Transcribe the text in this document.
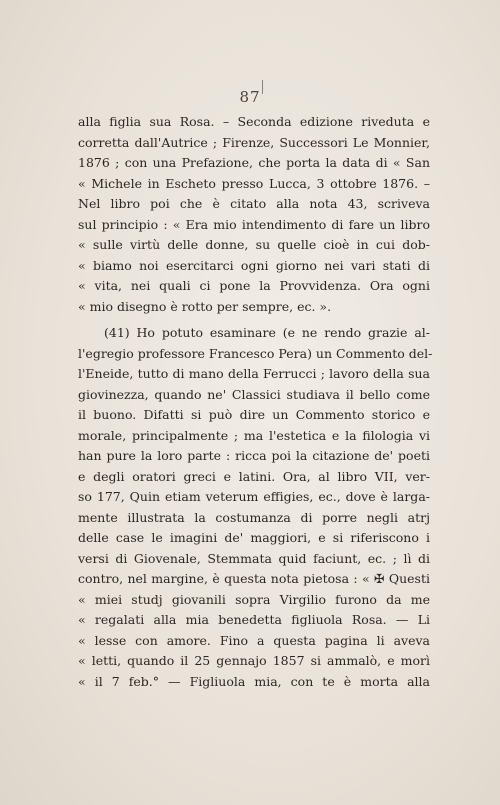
87
alla figlia sua Rosa. – Seconda edizione riveduta e
corretta dall'Autrice ; Firenze, Successori Le Monnier,
1876 ; con una Prefazione, che porta la data di « San
« Michele in Escheto presso Lucca, 3 ottobre 1876. –
Nel libro poi che è citato alla nota 43, scriveva
sul principio : « Era mio intendimento di fare un libro
« sulle virtù delle donne, su quelle cioè in cui dob-
« biamo noi esercitarci ogni giorno nei vari stati di
« vita, nei quali ci pone la Provvidenza. Ora ogni
« mio disegno è rotto per sempre, ec. ».
(41) Ho potuto esaminare (e ne rendo grazie al-
l'egregio professore Francesco Pera) un Commento del-
l'Eneide, tutto di mano della Ferrucci ; lavoro della sua
giovinezza, quando ne' Classici studiava il bello come
il buono. Difatti si può dire un Commento storico e
morale, principalmente ; ma l'estetica e la filologia vi
han pure la loro parte : ricca poi la citazione de' poeti
e degli oratori greci e latini. Ora, al libro VII, ver-
so 177, Quin etiam veterum effigies, ec., dove è larga-
mente illustrata la costumanza di porre negli atrj
delle case le imagini de' maggiori, e si riferiscono i
versi di Giovenale, Stemmata quid faciunt, ec. ; lì di
contro, nel margine, è questa nota pietosa : « ✠ Questi
« miei studj giovanili sopra Virgilio furono da me
« regalati alla mia benedetta figliuola Rosa. — Li
« lesse con amore. Fino a questa pagina li aveva
« letti, quando il 25 gennajo 1857 si ammalò, e morì
« il 7 feb.° — Figliuola mia, con te è morta alla
